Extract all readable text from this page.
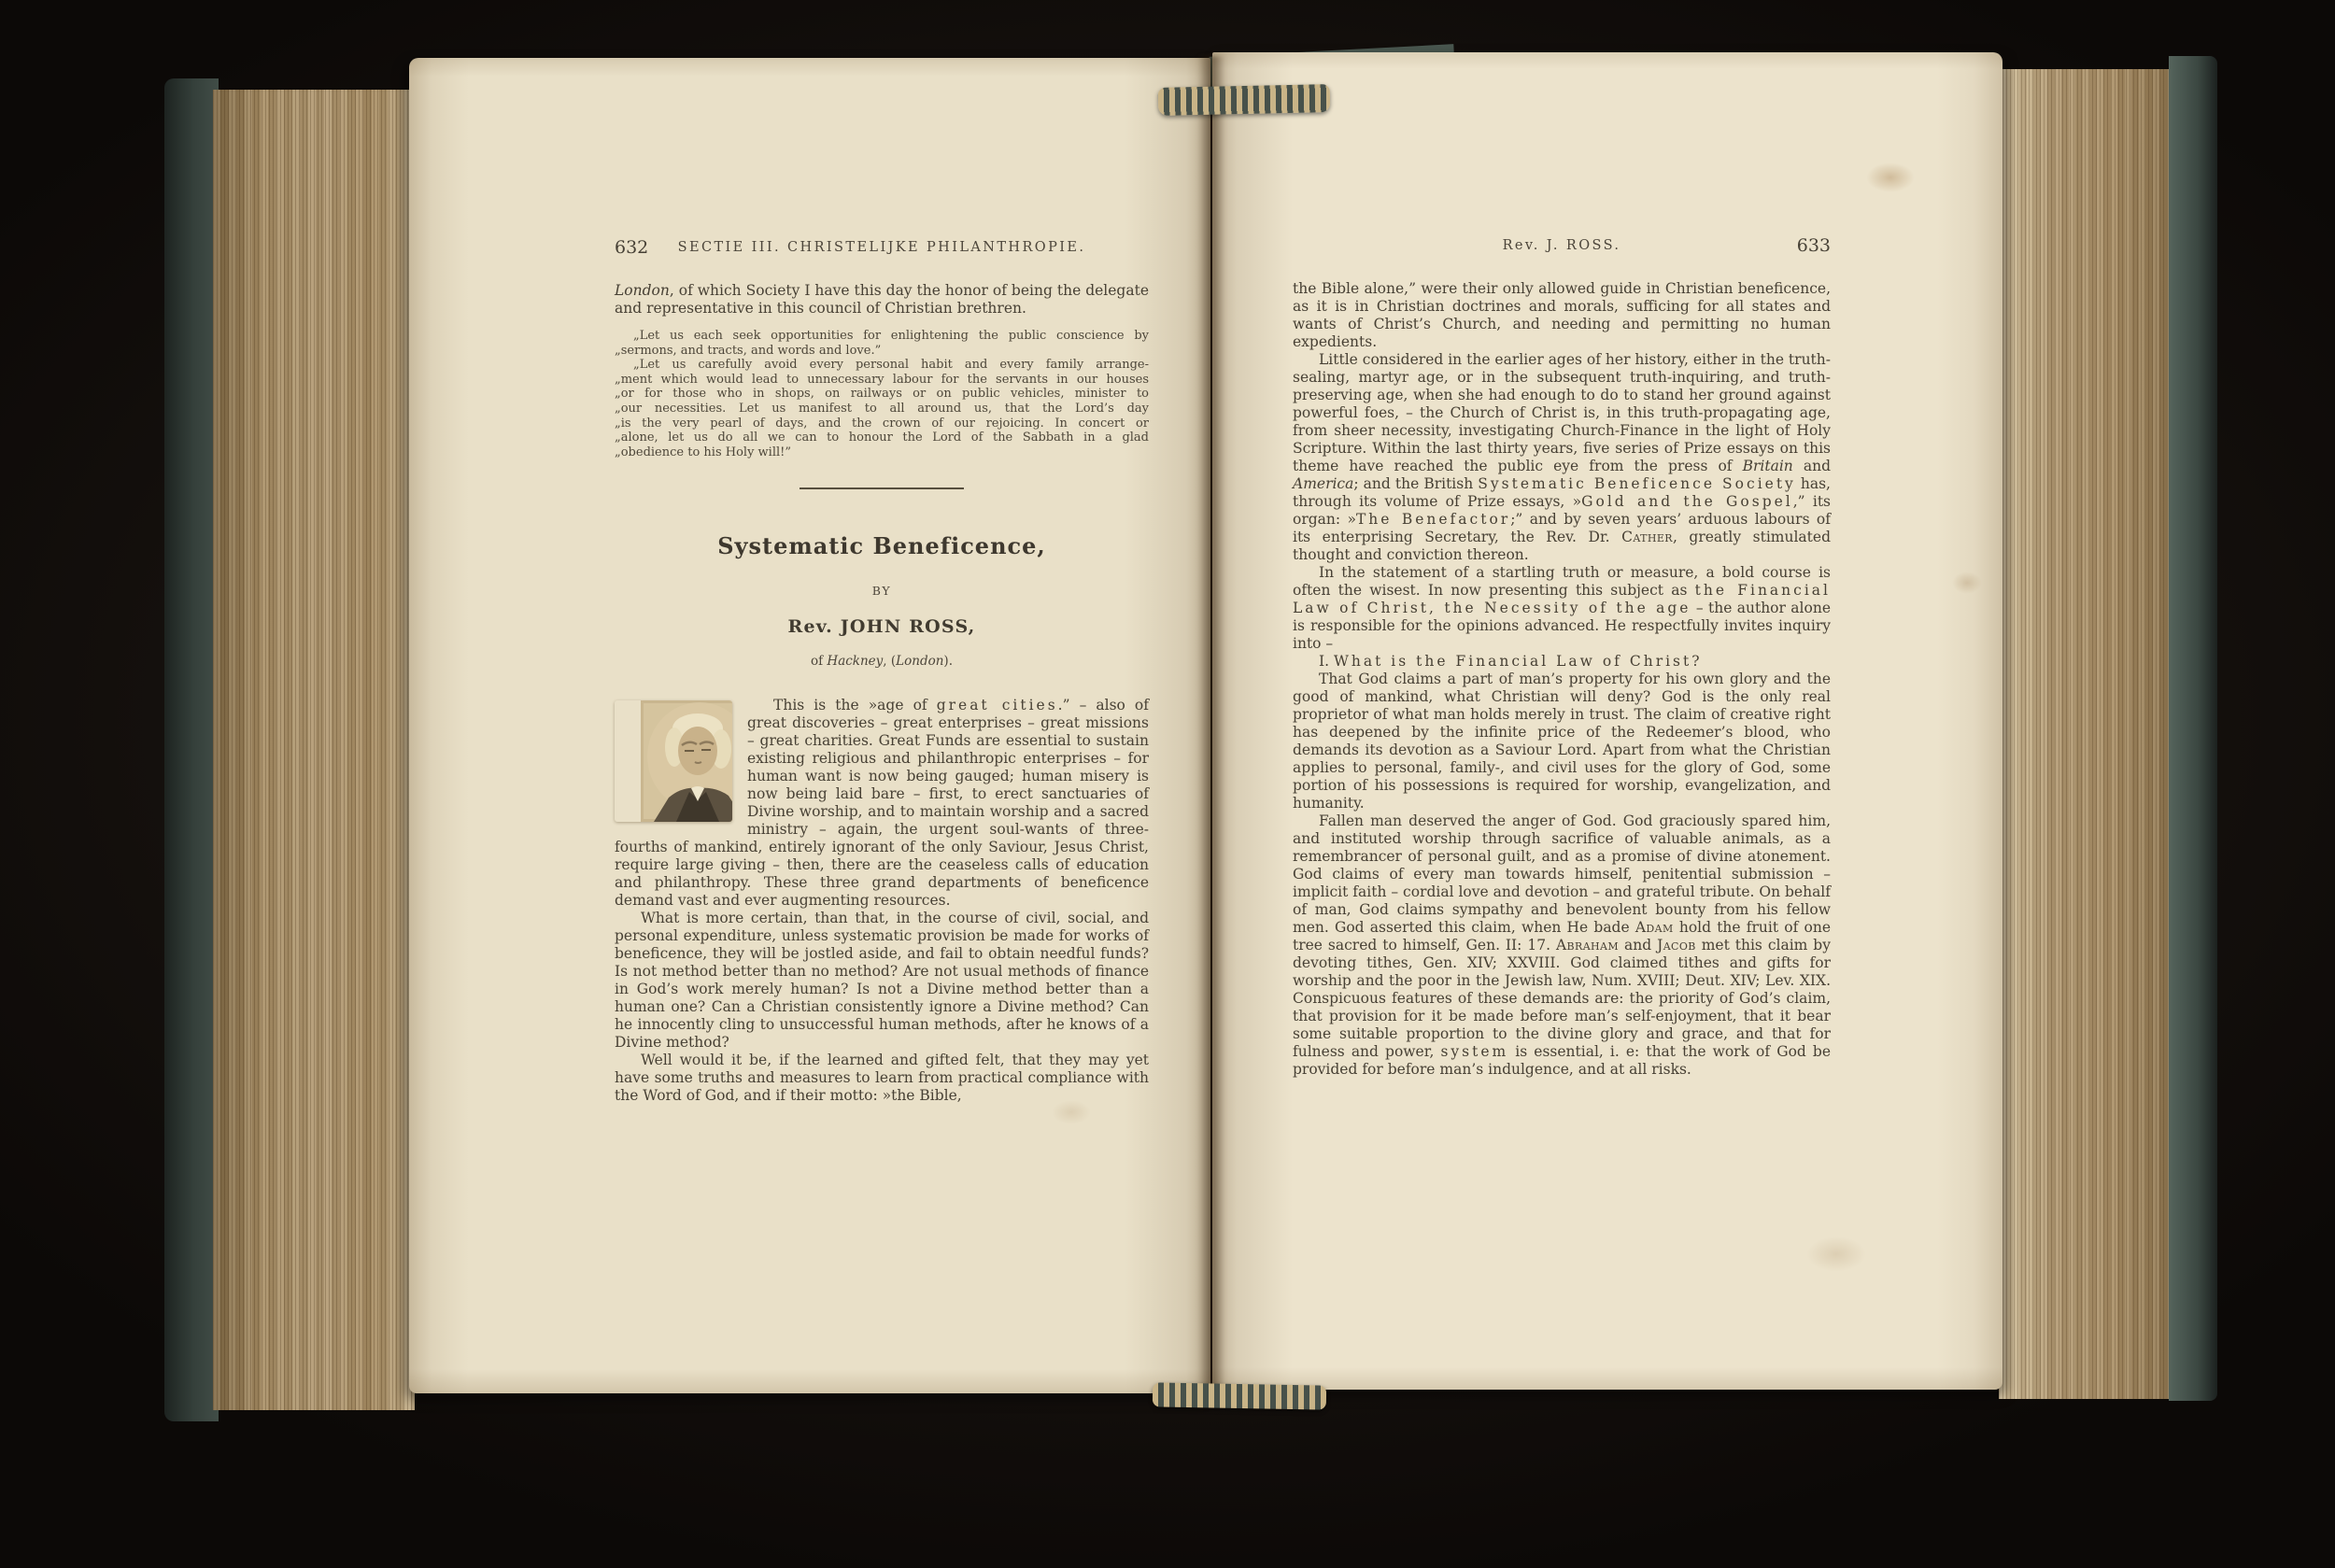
632 SECTIE III. CHRISTELIJKE PHILANTHROPIE.

London, of which Society I have this day the honor of being the delegate and representative in this council of Christian brethren.

„Let us each seek opportunities for enlightening the public conscience by
„sermons, and tracts, and words and love.”
„Let us carefully avoid every personal habit and every family arrange-
„ment which would lead to unnecessary labour for the servants in our houses
„or for those who in shops, on railways or on public vehicles, minister to
„our necessities. Let us manifest to all around us, that the Lord’s day
„is the very pearl of days, and the crown of our rejoicing. In concert or
„alone, let us do all we can to honour the Lord of the Sabbath in a glad
„obedience to his Holy will!”
Systematic Beneficence,
BY
Rev. JOHN ROSS,
of Hackney, (London).

This is the »age of great cities.” – also of great discoveries – great enterprises – great missions – great charities. Great Funds are essential to sustain existing religious and philanthropic enterprises – for human want is now being gauged; human misery is now being laid bare – first, to erect sanctuaries of Divine worship, and to maintain worship and a sacred ministry – again, the urgent soul-wants of three-fourths of mankind, entirely ignorant of the only Saviour, Jesus Christ, require large giving – then, there are the ceaseless calls of education and philanthropy. These three grand departments of beneficence demand vast and ever augmenting resources.

What is more certain, than that, in the course of civil, social, and personal expenditure, unless systematic provision be made for works of beneficence, they will be jostled aside, and fail to obtain needful funds? Is not method better than no method? Are not usual methods of finance in God’s work merely human? Is not a Divine method better than a human one? Can a Christian consistently ignore a Divine method? Can he innocently cling to unsuccessful human methods, after he knows of a Divine method?

Well would it be, if the learned and gifted felt, that they may yet have some truths and measures to learn from practical compliance with the Word of God, and if their motto: »the Bible,

Rev. J. ROSS.	633

the Bible alone,” were their only allowed guide in Christian beneficence, as it is in Christian doctrines and morals, sufficing for all states and wants of Christ’s Church, and needing and permitting no human expedients.

Little considered in the earlier ages of her history, either in the truth-sealing, martyr age, or in the subsequent truth-inquiring, and truth-preserving age, when she had enough to do to stand her ground against powerful foes, – the Church of Christ is, in this truth-propagating age, from sheer necessity, investigating Church-Finance in the light of Holy Scripture. Within the last thirty years, five series of Prize essays on this theme have reached the public eye from the press of Britain and America; and the British Systematic Beneficence Society has, through its volume of Prize essays, »Gold and the Gospel,” its organ: »The Benefactor;” and by seven years’ arduous labours of its enterprising Secretary, the Rev. Dr. Cather, greatly stimulated thought and conviction thereon.

In the statement of a startling truth or measure, a bold course is often the wisest. In now presenting this subject as the Financial Law of Christ, the Necessity of the age – the author alone is responsible for the opinions advanced. He respectfully invites inquiry into –

I. What is the Financial Law of Christ?

That God claims a part of man’s property for his own glory and the good of mankind, what Christian will deny? God is the only real proprietor of what man holds merely in trust. The claim of creative right has deepened by the infinite price of the Redeemer’s blood, who demands its devotion as a Saviour Lord. Apart from what the Christian applies to personal, family-, and civil uses for the glory of God, some portion of his possessions is required for worship, evangelization, and humanity.

Fallen man deserved the anger of God. God graciously spared him, and instituted worship through sacrifice of valuable animals, as a remembrancer of personal guilt, and as a promise of divine atonement. God claims of every man towards himself, penitential submission – implicit faith – cordial love and devotion – and grateful tribute. On behalf of man, God claims sympathy and benevolent bounty from his fellow men. God asserted this claim, when He bade Adam hold the fruit of one tree sacred to himself, Gen. II: 17. Abraham and Jacob met this claim by devoting tithes, Gen. XIV; XXVIII. God claimed tithes and gifts for worship and the poor in the Jewish law, Num. XVIII; Deut. XIV; Lev. XIX. Conspicuous features of these demands are: the priority of God’s claim, that provision for it be made before man’s self-enjoyment, that it bear some suitable proportion to the divine glory and grace, and that for fulness and power, system is essential, i. e: that the work of God be provided for before man’s indulgence, and at all risks.
